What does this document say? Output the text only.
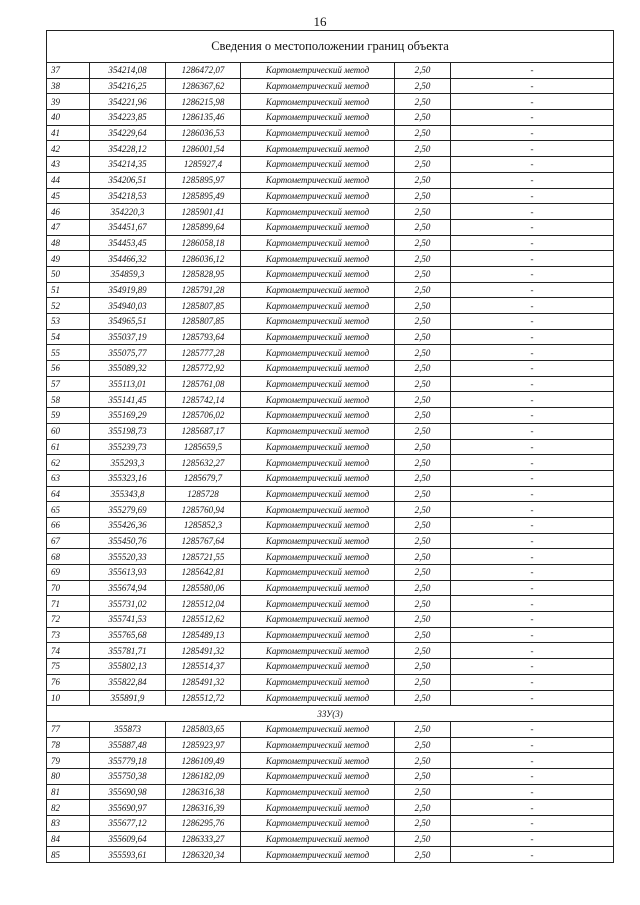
16
Сведения о местоположении границ объекта					
37	354214,08	1286472,07	Картометрический метод	2,50	-
38	354216,25	1286367,62	Картометрический метод	2,50	-
39	354221,96	1286215,98	Картометрический метод	2,50	-
40	354223,85	1286135,46	Картометрический метод	2,50	-
41	354229,64	1286036,53	Картометрический метод	2,50	-
42	354228,12	1286001,54	Картометрический метод	2,50	-
43	354214,35	1285927,4	Картометрический метод	2,50	-
44	354206,51	1285895,97	Картометрический метод	2,50	-
45	354218,53	1285895,49	Картометрический метод	2,50	-
46	354220,3	1285901,41	Картометрический метод	2,50	-
47	354451,67	1285899,64	Картометрический метод	2,50	-
48	354453,45	1286058,18	Картометрический метод	2,50	-
49	354466,32	1286036,12	Картометрический метод	2,50	-
50	354859,3	1285828,95	Картометрический метод	2,50	-
51	354919,89	1285791,28	Картометрический метод	2,50	-
52	354940,03	1285807,85	Картометрический метод	2,50	-
53	354965,51	1285807,85	Картометрический метод	2,50	-
54	355037,19	1285793,64	Картометрический метод	2,50	-
55	355075,77	1285777,28	Картометрический метод	2,50	-
56	355089,32	1285772,92	Картометрический метод	2,50	-
57	355113,01	1285761,08	Картометрический метод	2,50	-
58	355141,45	1285742,14	Картометрический метод	2,50	-
59	355169,29	1285706,02	Картометрический метод	2,50	-
60	355198,73	1285687,17	Картометрический метод	2,50	-
61	355239,73	1285659,5	Картометрический метод	2,50	-
62	355293,3	1285632,27	Картометрический метод	2,50	-
63	355323,16	1285679,7	Картометрический метод	2,50	-
64	355343,8	1285728	Картометрический метод	2,50	-
65	355279,69	1285760,94	Картометрический метод	2,50	-
66	355426,36	1285852,3	Картометрический метод	2,50	-
67	355450,76	1285767,64	Картометрический метод	2,50	-
68	355520,33	1285721,55	Картометрический метод	2,50	-
69	355613,93	1285642,81	Картометрический метод	2,50	-
70	355674,94	1285580,06	Картометрический метод	2,50	-
71	355731,02	1285512,04	Картометрический метод	2,50	-
72	355741,53	1285512,62	Картометрический метод	2,50	-
73	355765,68	1285489,13	Картометрический метод	2,50	-
74	355781,71	1285491,32	Картометрический метод	2,50	-
75	355802,13	1285514,37	Картометрический метод	2,50	-
76	355822,84	1285491,32	Картометрический метод	2,50	-
10	355891,9	1285512,72	Картометрический метод	2,50	-
3ЗУ(3)					
77	355873	1285803,65	Картометрический метод	2,50	-
78	355887,48	1285923,97	Картометрический метод	2,50	-
79	355779,18	1286109,49	Картометрический метод	2,50	-
80	355750,38	1286182,09	Картометрический метод	2,50	-
81	355690,98	1286316,38	Картометрический метод	2,50	-
82	355690,97	1286316,39	Картометрический метод	2,50	-
83	355677,12	1286295,76	Картометрический метод	2,50	-
84	355609,64	1286333,27	Картометрический метод	2,50	-
85	355593,61	1286320,34	Картометрический метод	2,50	-
